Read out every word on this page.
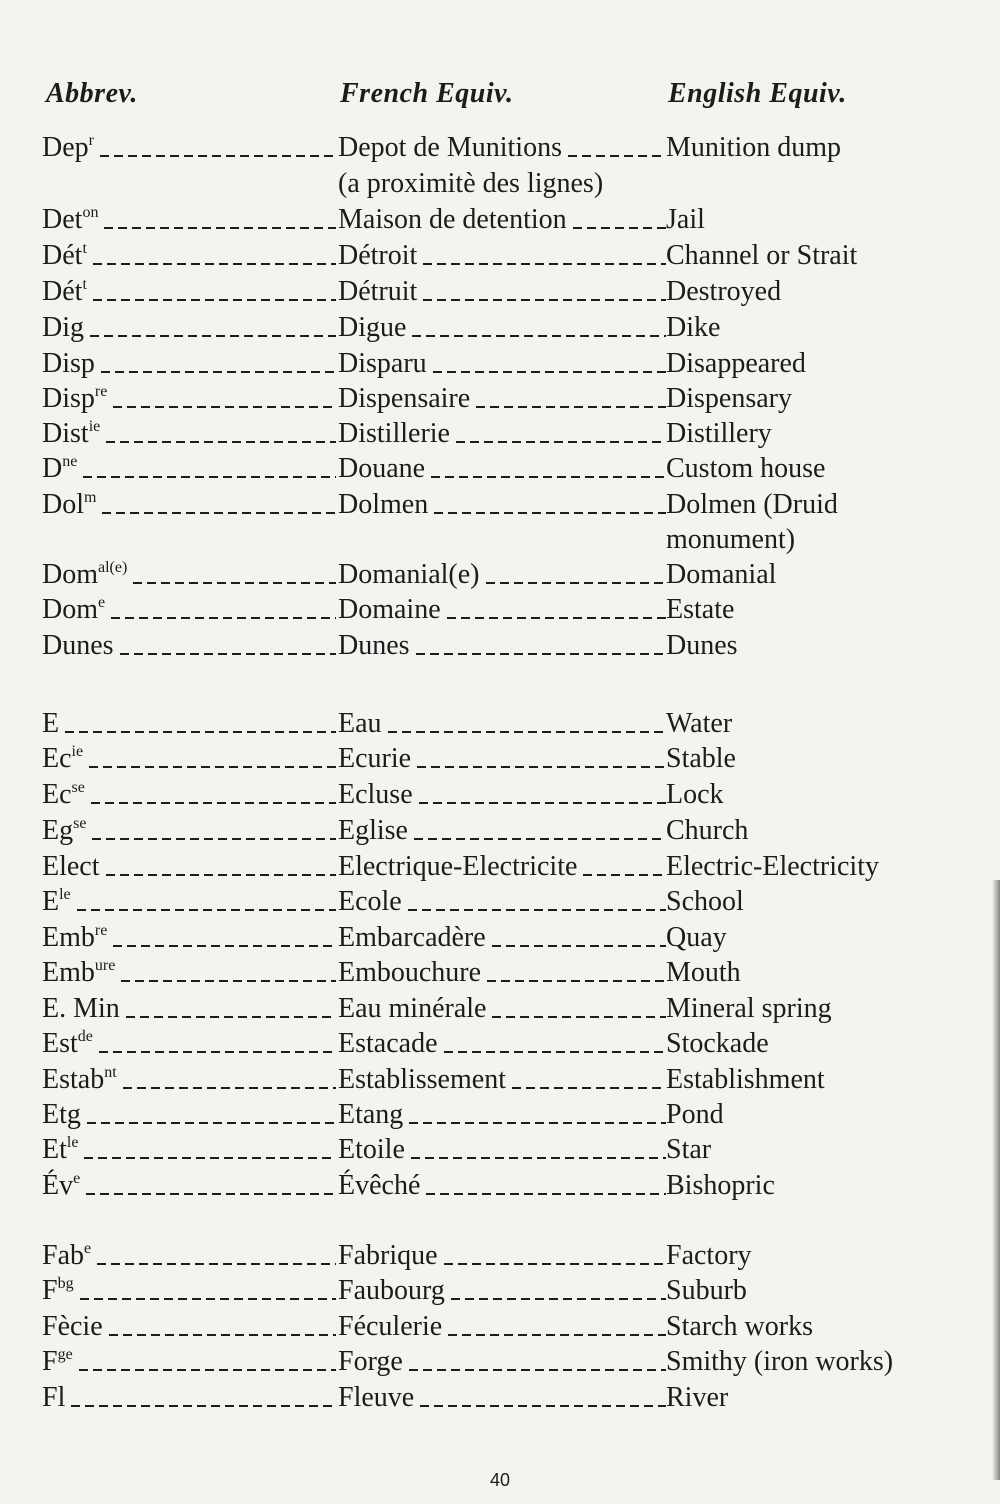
Abbrev.	French Equiv.	English Equiv.
Dep$^r$	Depot de Munitions	Munition dump
(a proximitè des lignes)
Det$^{on}$	Maison de detention	Jail
Dét$^t$	Détroit	Channel or Strait
Dét$^t$	Détruit	Destroyed
Dig	Digue	Dike
Disp	Disparu	Disappeared
Disp$^{re}$	Dispensaire	Dispensary
Dist$^{ie}$	Distillerie	Distillery
$D^{ne}$	Douane	Custom house
Dol$^m$	Dolmen	Dolmen (Druid
monument)
Dom$^{al(e)}$	Domanial(e)	Domanial
Dom$^e$	Domaine	Estate
Dunes	Dunes	Dunes
E	Eau	Water
$Ec^{ie}$	Ecurie	Stable
$Ec^{se}$	Ecluse	Lock
$Eg^{se}$	Eglise	Church
Elect	Electrique-Electricite	Electric-Electricity
$E^{le}$	Ecole	School
Emb$^{re}$	Embarcadère	Quay
Emb$^{ure}$	Embouchure	Mouth
E. Min	Eau minérale	Mineral spring
Est$^{de}$	Estacade	Stockade
Estab$^{nt}$	Establissement	Establishment
Etg	Etang	Pond
$Et^{le}$	Etoile	Star
$Év^e$	Évêché	Bishopric
Fab$^e$	Fabrique	Factory
$F^{bg}$	Faubourg	Suburb
Fècie	Féculerie	Starch works
$F^{ge}$	Forge	Smithy (iron works)
Fl	Fleuve	River
40
